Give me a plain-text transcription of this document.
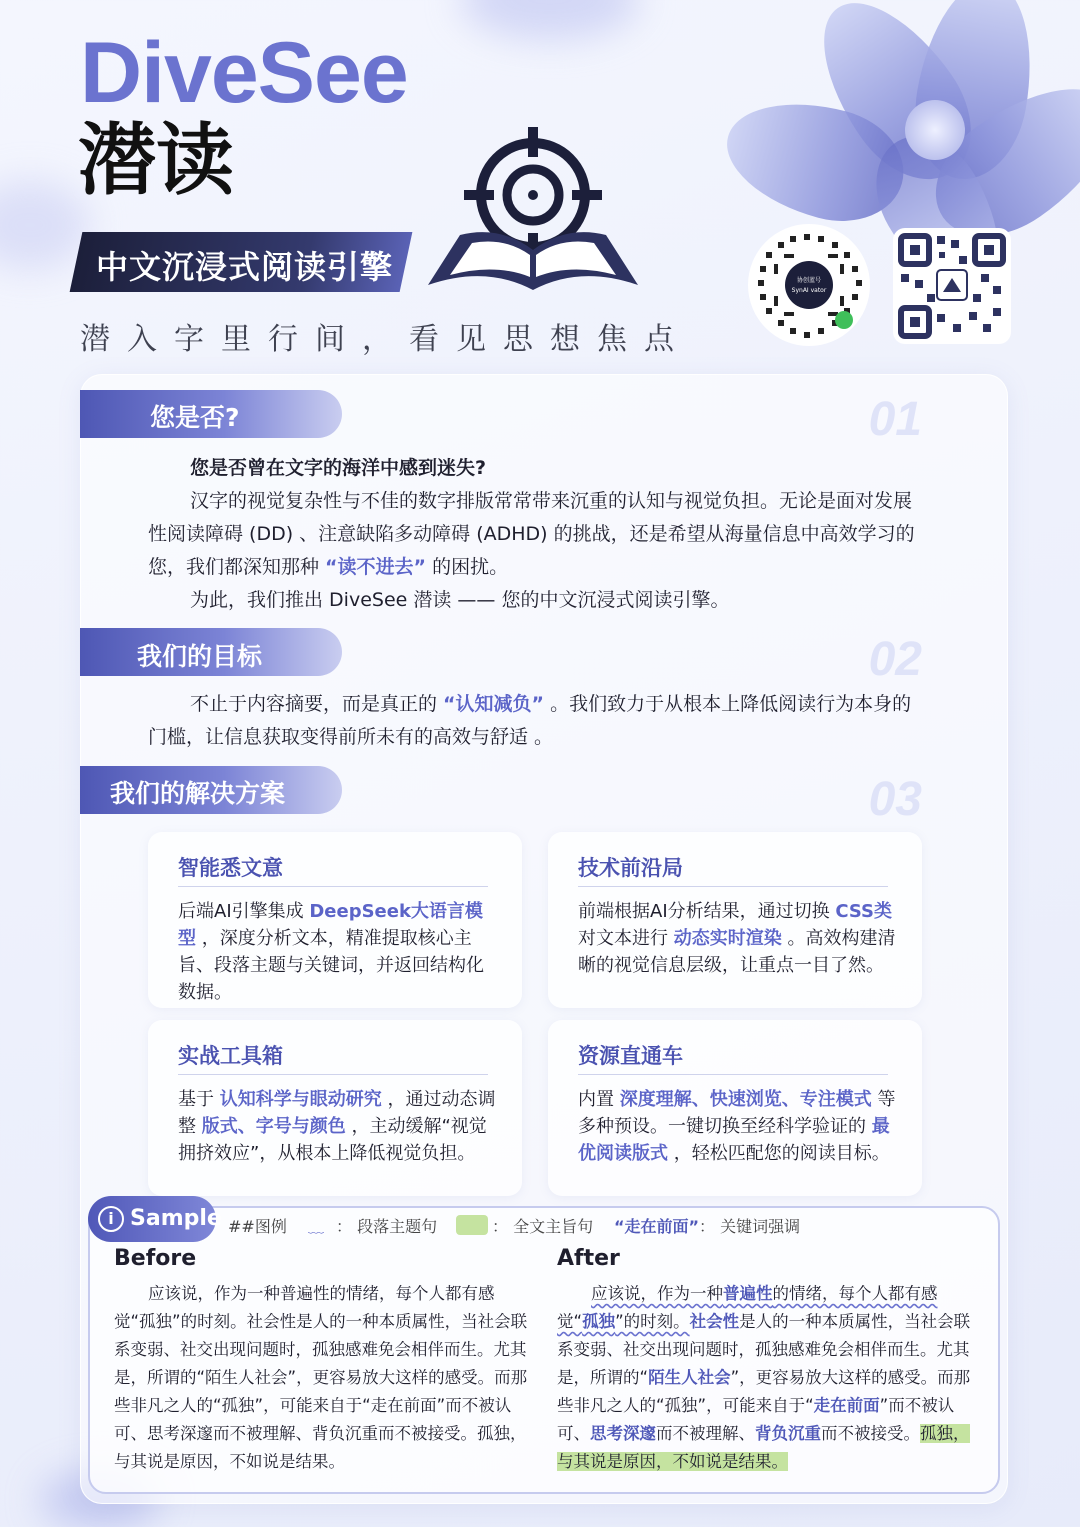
DiveSee
潜读
中文沉浸式阅读引擎
潜入字里行间，看见思想焦点
协创蓝号
SynAI vator
您是否?	01
您是否曾在文字的海洋中感到迷失?
汉字的视觉复杂性与不佳的数字排版常常带来沉重的认知与视觉负担。无论是面对发展性阅读障碍 (DD) 、注意缺陷多动障碍 (ADHD) 的挑战，还是希望从海量信息中高效学习的您，我们都深知那种 “读不进去” 的困扰。
为此，我们推出 DiveSee 潜读 —— 您的中文沉浸式阅读引擎。
我们的目标	02
不止于内容摘要，而是真正的 “认知减负” 。我们致力于从根本上降低阅读行为本身的门槛，让信息获取变得前所未有的高效与舒适 。
我们的解决方案	03
智能悉文意
后端AI引擎集成 DeepSeek大语言模型 ，深度分析文本，精准提取核心主旨、段落主题与关键词，并返回结构化数据。
技术前沿局
前端根据AI分析结果，通过切换 CSS类 对文本进行 动态实时渲染 。高效构建清晰的视觉信息层级，让重点一目了然。
实战工具箱
基于 认知科学与眼动研究 ，通过动态调整 版式、字号与颜色 ，主动缓解“视觉拥挤效应”，从根本上降低视觉负担。
资源直通车
内置 深度理解、快速浏览、专注模式 等多种预设。一键切换至经科学验证的 最优阅读版式 ，轻松匹配您的阅读目标。
i Sample ##图例 ﹏ ： 段落主题句	： 全文主旨句 “走在前面”： 关键词强调
Before	After
应该说，作为一种普遍性的情绪，每个人都有感觉“孤独”的时刻。社会性是人的一种本质属性，当社会联系变弱、社交出现问题时，孤独感难免会相伴而生。尤其是，所谓的“陌生人社会”，更容易放大这样的感受。而那些非凡之人的“孤独”，可能来自于“走在前面”而不被认可、思考深邃而不被理解、背负沉重而不被接受。孤独，与其说是原因，不如说是结果。
应该说，作为一种普遍性的情绪，每个人都有感觉“孤独”的时刻。社会性是人的一种本质属性，当社会联系变弱、社交出现问题时，孤独感难免会相伴而生。尤其是，所谓的“陌生人社会”，更容易放大这样的感受。而那些非凡之人的“孤独”，可能来自于“走在前面”而不被认可、思考深邃而不被理解、背负沉重而不被接受。孤独，与其说是原因，不如说是结果。
